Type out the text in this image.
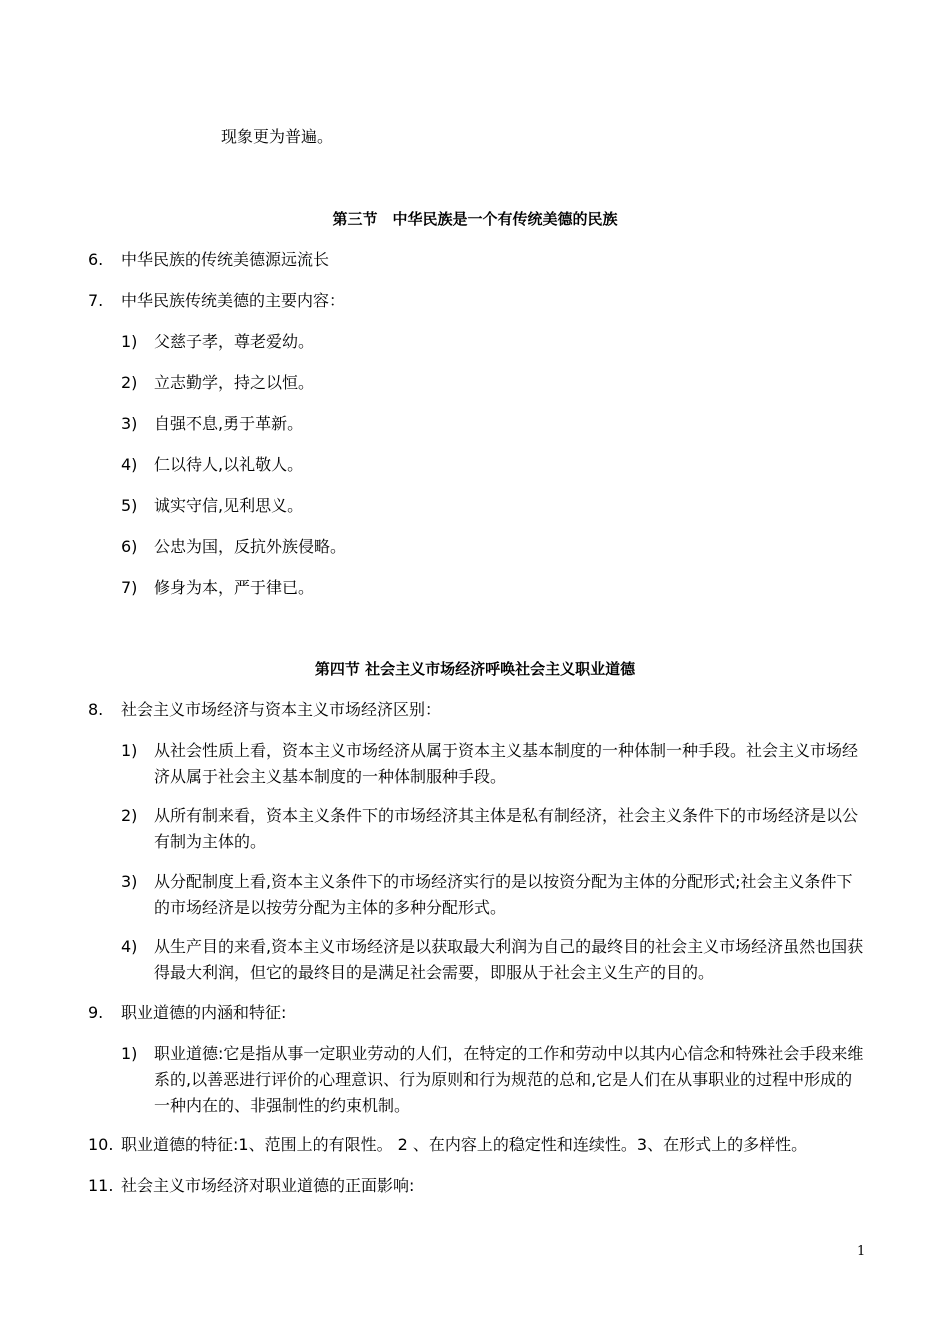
现象更为普遍。
第三节　中华民族是一个有传统美德的民族
6. 中华民族的传统美德源远流长
7. 中华民族传统美德的主要内容：
1) 父慈子孝，尊老爱幼。
2) 立志勤学，持之以恒。
3) 自强不息,勇于革新。
4) 仁以待人,以礼敬人。
5) 诚实守信,见利思义。
6) 公忠为国，反抗外族侵略。
7) 修身为本，严于律已。
第四节 社会主义市场经济呼唤社会主义职业道德
8. 社会主义市场经济与资本主义市场经济区别：
1) 从社会性质上看，资本主义市场经济从属于资本主义基本制度的一种体制一种手段。社会主义市场经济从属于社会主义基本制度的一种体制服种手段。
2) 从所有制来看，资本主义条件下的市场经济其主体是私有制经济，社会主义条件下的市场经济是以公有制为主体的。
3) 从分配制度上看,资本主义条件下的市场经济实行的是以按资分配为主体的分配形式;社会主义条件下的市场经济是以按劳分配为主体的多种分配形式。
4) 从生产目的来看,资本主义市场经济是以获取最大利润为自己的最终目的社会主义市场经济虽然也国获得最大利润，但它的最终目的是满足社会需要，即服从于社会主义生产的目的。
9. 职业道德的内涵和特征:
1) 职业道德:它是指从事一定职业劳动的人们，在特定的工作和劳动中以其内心信念和特殊社会手段来维系的,以善恶进行评价的心理意识、行为原则和行为规范的总和,它是人们在从事职业的过程中形成的一种内在的、非强制性的约束机制。
10. 职业道德的特征:1、范围上的有限性。 2 、在内容上的稳定性和连续性。3、在形式上的多样性。
11. 社会主义市场经济对职业道德的正面影响:
1
